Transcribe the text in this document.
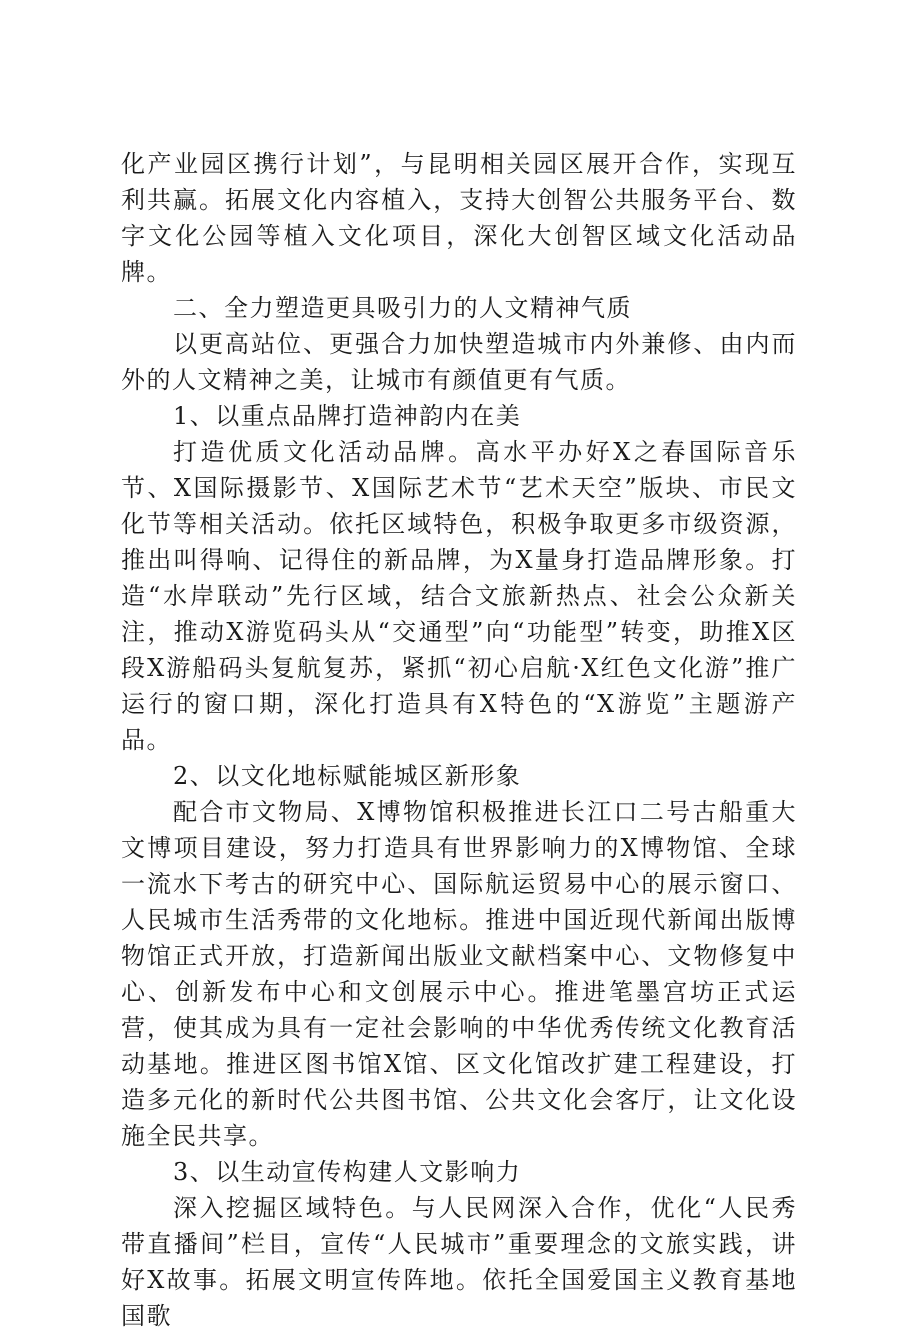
化产业园区携行计划”，与昆明相关园区展开合作，实现互利共赢。拓展文化内容植入，支持大创智公共服务平台、数字文化公园等植入文化项目，深化大创智区域文化活动品牌。

二、全力塑造更具吸引力的人文精神气质

以更高站位、更强合力加快塑造城市内外兼修、由内而外的人文精神之美，让城市有颜值更有气质。

1、以重点品牌打造神韵内在美

打造优质文化活动品牌。高水平办好X之春国际音乐节、X国际摄影节、X国际艺术节“艺术天空”版块、市民文化节等相关活动。依托区域特色，积极争取更多市级资源，推出叫得响、记得住的新品牌，为X量身打造品牌形象。打造“水岸联动”先行区域，结合文旅新热点、社会公众新关注，推动X游览码头从“交通型”向“功能型”转变，助推X区段X游船码头复航复苏，紧抓“初心启航·X红色文化游”推广运行的窗口期，深化打造具有X特色的“X游览”主题游产品。

2、以文化地标赋能城区新形象

配合市文物局、X博物馆积极推进长江口二号古船重大文博项目建设，努力打造具有世界影响力的X博物馆、全球一流水下考古的研究中心、国际航运贸易中心的展示窗口、人民城市生活秀带的文化地标。推进中国近现代新闻出版博物馆正式开放，打造新闻出版业文献档案中心、文物修复中心、创新发布中心和文创展示中心。推进笔墨宫坊正式运营，使其成为具有一定社会影响的中华优秀传统文化教育活动基地。推进区图书馆X馆、区文化馆改扩建工程建设，打造多元化的新时代公共图书馆、公共文化会客厅，让文化设施全民共享。

3、以生动宣传构建人文影响力

深入挖掘区域特色。与人民网深入合作，优化“人民秀带直播间”栏目，宣传“人民城市”重要理念的文旅实践，讲好X故事。拓展文明宣传阵地。依托全国爱国主义教育基地国歌
